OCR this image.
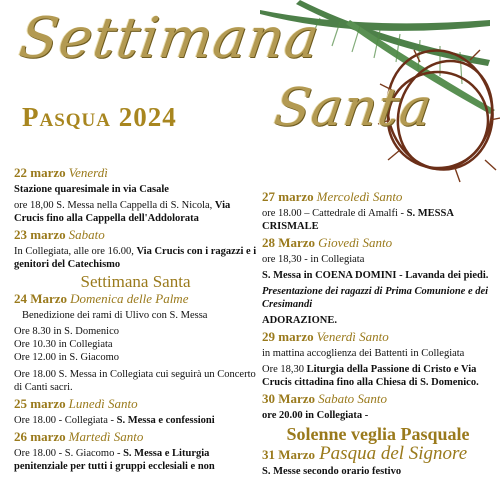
Settimana
Santa
Pasqua 2024
22 marzo Venerdì
Stazione quaresimale in via Casale
ore 18,00 S. Messa nella Cappella di S. Nicola, Via Crucis fino alla Cappella dell'Addolorata
23 marzo Sabato
In Collegiata, alle ore 16.00, Via Crucis con i ragazzi e i genitori del Catechismo
Settimana Santa
24 Marzo Domenica delle Palme
Benedizione dei rami di Ulivo con S. Messa
Ore 8.30 in S. Domenico
Ore 10.30 in Collegiata
Ore 12.00 in S. Giacomo
Ore 18.00 S. Messa in Collegiata cui seguirà un Concerto di Canti sacri.
25 marzo Lunedì Santo
Ore 18.00 - Collegiata - S. Messa e confessioni
26 marzo Martedì Santo
Ore 18.00 - S. Giacomo - S. Messa e Liturgia penitenziale per tutti i gruppi ecclesiali e non
27 marzo Mercoledì Santo
ore 18.00 – Cattedrale di Amalfi - S. MESSA CRISMALE
28 Marzo Giovedì Santo
ore 18,30 - in Collegiata
S. Messa in COENA DOMINI - Lavanda dei piedi.
Presentazione dei ragazzi di Prima Comunione e dei Cresimandi
ADORAZIONE.
29 marzo Venerdì Santo
in mattina accoglienza dei Battenti in Collegiata
Ore 18,30 Liturgia della Passione di Cristo e Via Crucis cittadina fino alla Chiesa di S. Domenico.
30 Marzo Sabato Santo
ore 20.00 in Collegiata -
Solenne veglia Pasquale
31 Marzo Pasqua del Signore
S. Messe secondo orario festivo
